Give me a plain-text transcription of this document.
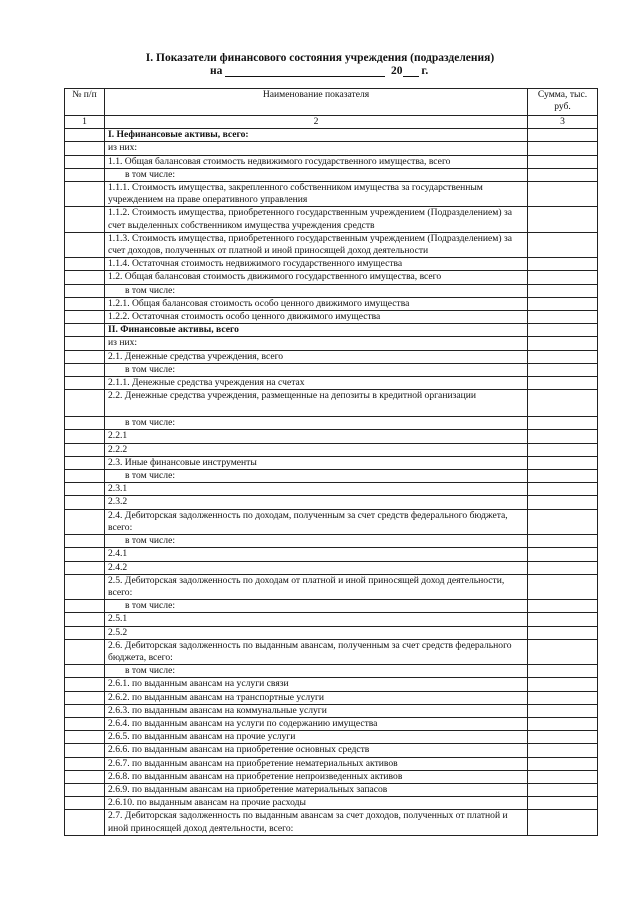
I. Показатели финансового состояния учреждения (подразделения)
на	20 г.
№ п/п	Наименование показателя	Сумма, тыс. руб.
1	2	3
	I. Нефинансовые активы, всего:	
	из них:	
	1.1. Общая балансовая стоимость недвижимого государственного имущества, всего	
	в том числе:	
	1.1.1. Стоимость имущества, закрепленного собственником имущества за государственным учреждением на праве оперативного управления	
	1.1.2. Стоимость имущества, приобретенного государственным учреждением (Подразделением) за счет выделенных собственником имущества учреждения средств	
	1.1.3. Стоимость имущества, приобретенного государственным учреждением (Подразделением) за счет доходов, полученных от платной и иной приносящей доход деятельности	
	1.1.4. Остаточная стоимость недвижимого государственного имущества	
	1.2. Общая балансовая стоимость движимого государственного имущества, всего	
	в том числе:	
	1.2.1. Общая балансовая стоимость особо ценного движимого имущества	
	1.2.2. Остаточная стоимость особо ценного движимого имущества	
	II. Финансовые активы, всего	
	из них:	
	2.1. Денежные средства учреждения, всего	
	в том числе:	
	2.1.1. Денежные средства учреждения на счетах	
	2.2. Денежные средства учреждения, размещенные на депозиты в кредитной организации	
	в том числе:	
	2.2.1	
	2.2.2	
	2.3. Иные финансовые инструменты	
	в том числе:	
	2.3.1	
	2.3.2	
	2.4. Дебиторская задолженность по доходам, полученным за счет средств федерального бюджета, всего:	
	в том числе:	
	2.4.1	
	2.4.2	
	2.5. Дебиторская задолженность по доходам от платной и иной приносящей доход деятельности, всего:	
	в том числе:	
	2.5.1	
	2.5.2	
	2.6. Дебиторская задолженность по выданным авансам, полученным за счет средств федерального бюджета, всего:	
	в том числе:	
	2.6.1. по выданным авансам на услуги связи	
	2.6.2. по выданным авансам на транспортные услуги	
	2.6.3. по выданным авансам на коммунальные услуги	
	2.6.4. по выданным авансам на услуги по содержанию имущества	
	2.6.5. по выданным авансам на прочие услуги	
	2.6.6. по выданным авансам на приобретение основных средств	
	2.6.7. по выданным авансам на приобретение нематериальных активов	
	2.6.8. по выданным авансам на приобретение непроизведенных активов	
	2.6.9. по выданным авансам на приобретение материальных запасов	
	2.6.10. по выданным авансам на прочие расходы	
	2.7. Дебиторская задолженность по выданным авансам за счет доходов, полученных от платной и иной приносящей доход деятельности, всего:	
